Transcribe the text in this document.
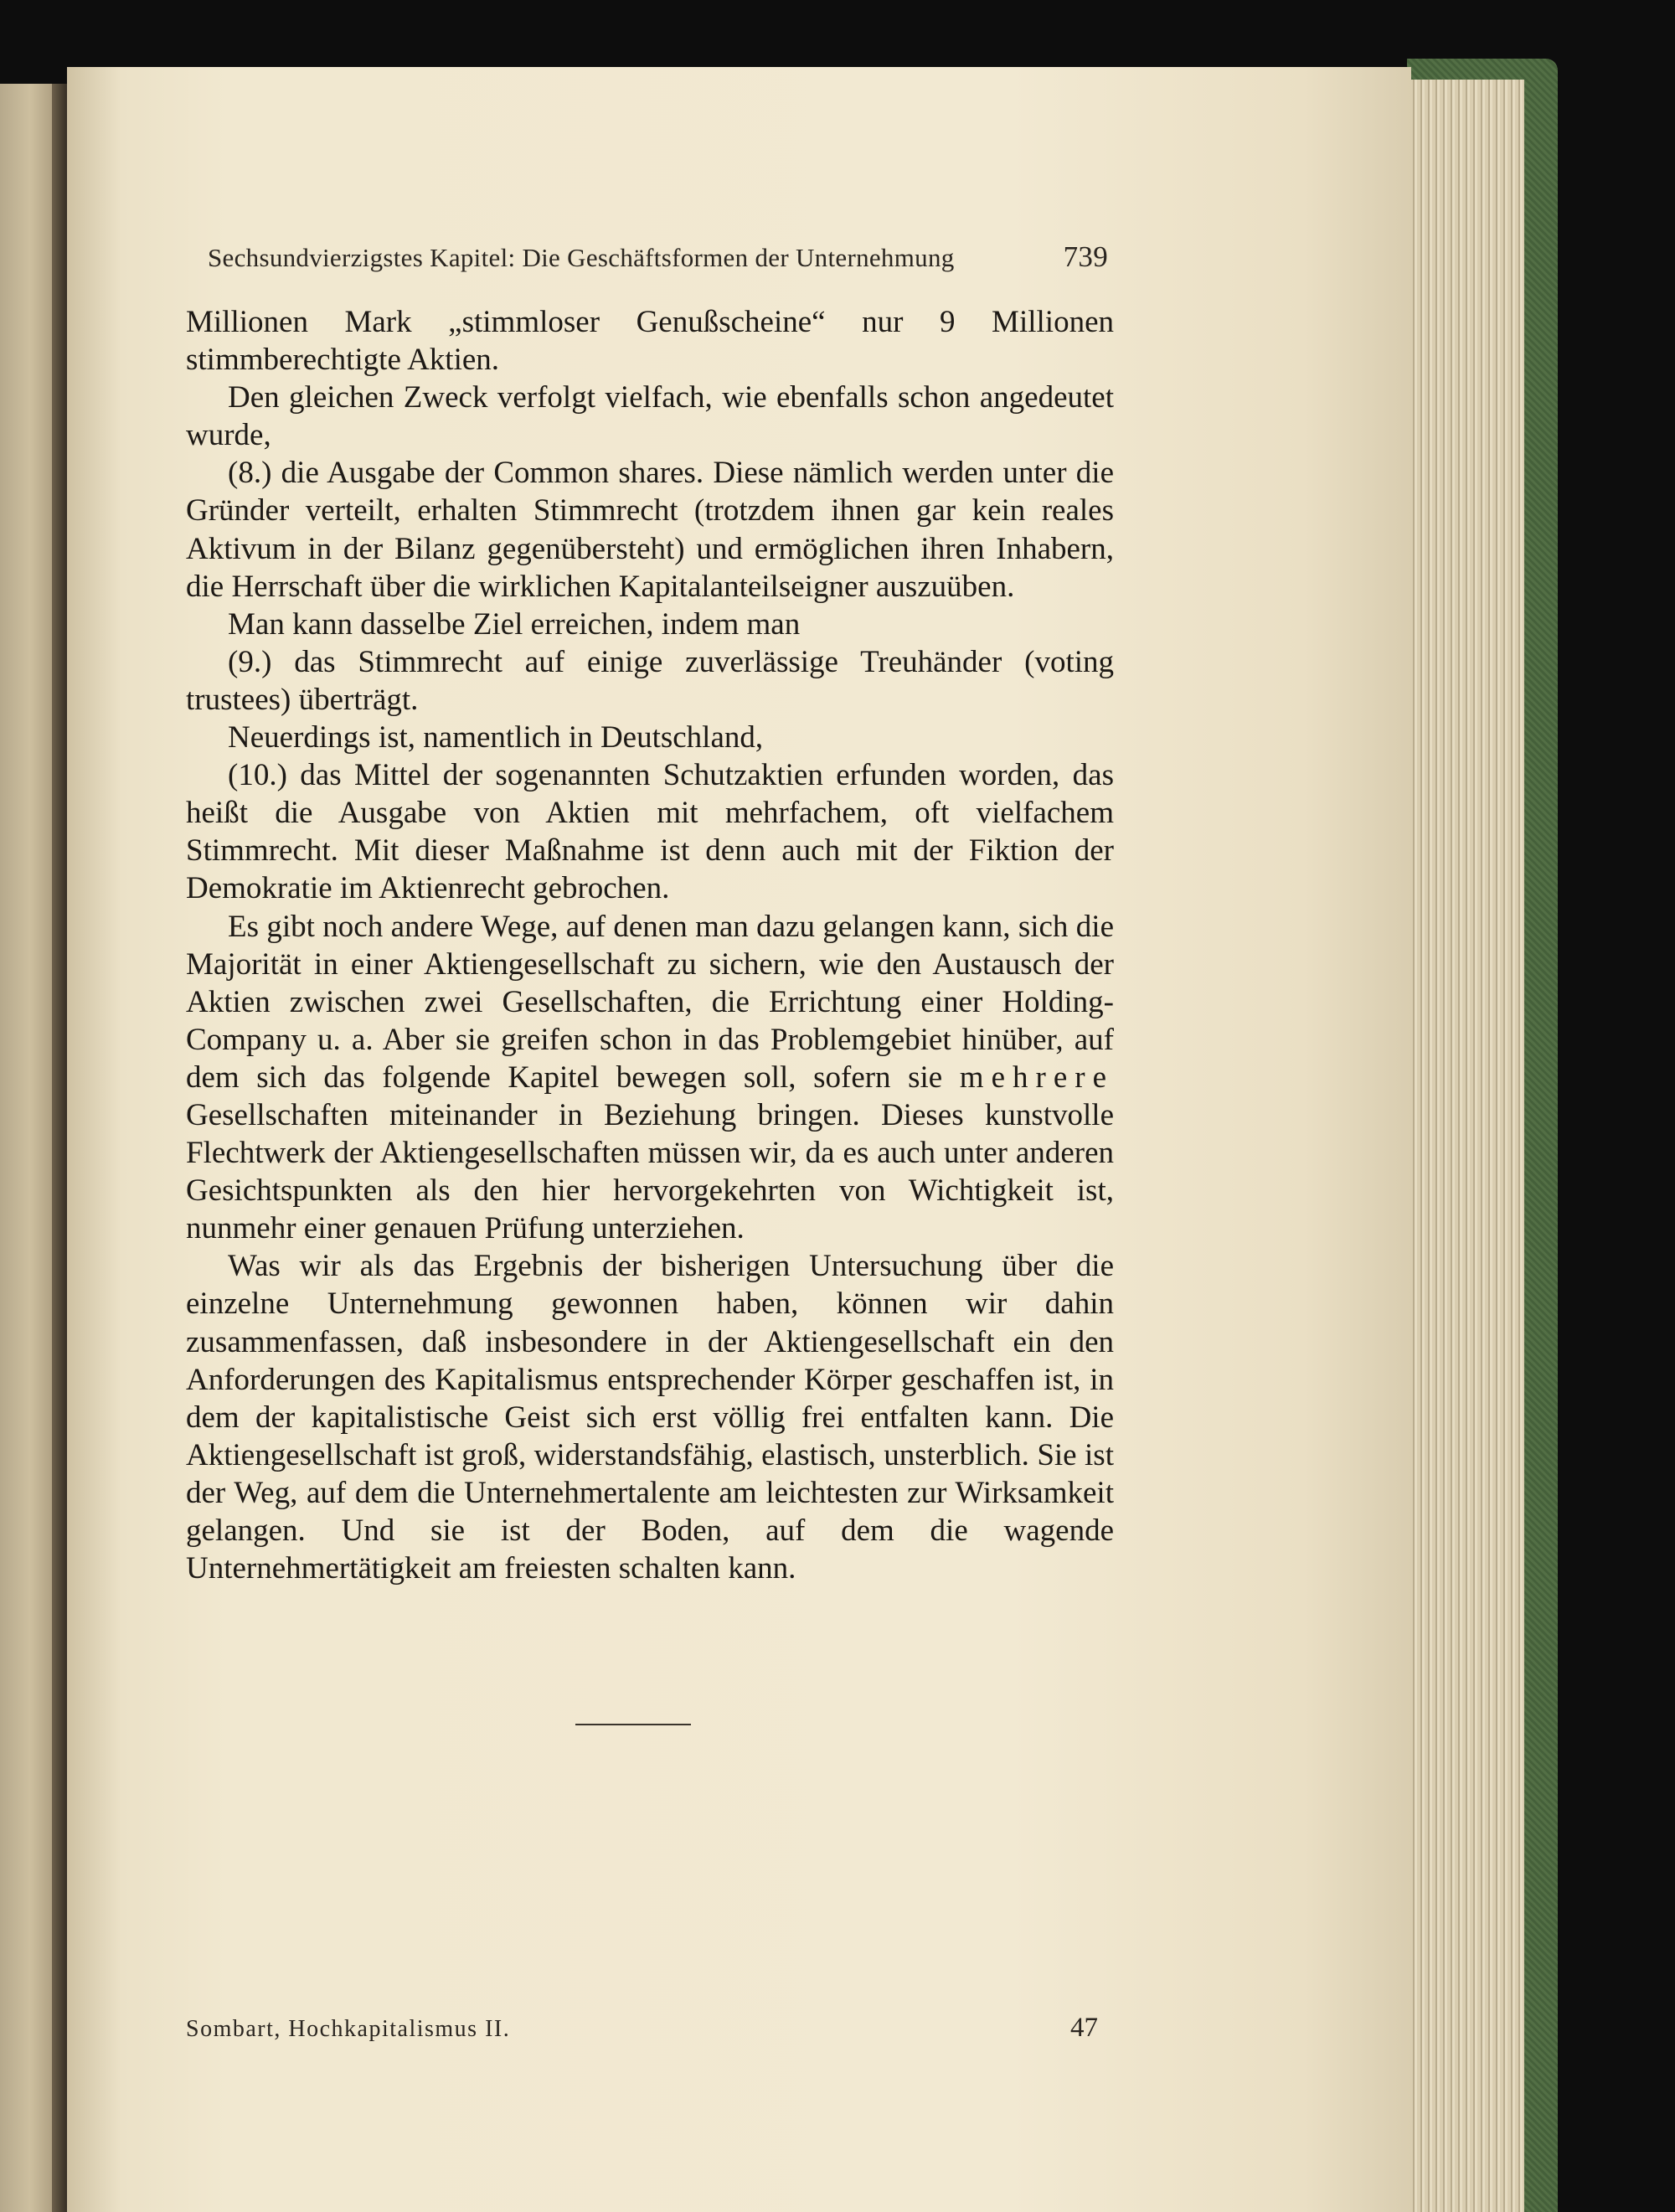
Sechsundvierzigstes Kapitel: Die Geschäftsformen der Unternehmung	739

Millionen Mark „stimmloser Genußscheine“ nur 9 Millionen stimmberechtigte Aktien.

Den gleichen Zweck verfolgt vielfach, wie ebenfalls schon angedeutet wurde,

(8.) die Ausgabe der Common shares. Diese nämlich werden unter die Gründer verteilt, erhalten Stimmrecht (trotzdem ihnen gar kein reales Aktivum in der Bilanz gegenübersteht) und ermöglichen ihren Inhabern, die Herrschaft über die wirklichen Kapitalanteilseigner auszuüben.

Man kann dasselbe Ziel erreichen, indem man

(9.) das Stimmrecht auf einige zuverlässige Treuhänder (voting trustees) überträgt.

Neuerdings ist, namentlich in Deutschland,

(10.) das Mittel der sogenannten Schutzaktien erfunden worden, das heißt die Ausgabe von Aktien mit mehrfachem, oft vielfachem Stimmrecht. Mit dieser Maßnahme ist denn auch mit der Fiktion der Demokratie im Aktienrecht gebrochen.

Es gibt noch andere Wege, auf denen man dazu gelangen kann, sich die Majorität in einer Aktiengesellschaft zu sichern, wie den Austausch der Aktien zwischen zwei Gesellschaften, die Errichtung einer Holding-Company u. a. Aber sie greifen schon in das Problemgebiet hinüber, auf dem sich das folgende Kapitel bewegen soll, sofern sie mehrere Gesellschaften miteinander in Beziehung bringen. Dieses kunstvolle Flechtwerk der Aktiengesellschaften müssen wir, da es auch unter anderen Gesichtspunkten als den hier hervorgekehrten von Wichtigkeit ist, nunmehr einer genauen Prüfung unterziehen.

Was wir als das Ergebnis der bisherigen Untersuchung über die einzelne Unternehmung gewonnen haben, können wir dahin zusammenfassen, daß insbesondere in der Aktiengesellschaft ein den Anforderungen des Kapitalismus entsprechender Körper geschaffen ist, in dem der kapitalistische Geist sich erst völlig frei entfalten kann. Die Aktiengesellschaft ist groß, widerstandsfähig, elastisch, unsterblich. Sie ist der Weg, auf dem die Unternehmertalente am leichtesten zur Wirksamkeit gelangen. Und sie ist der Boden, auf dem die wagende Unternehmertätigkeit am freiesten schalten kann.

Sombart, Hochkapitalismus II.	47
